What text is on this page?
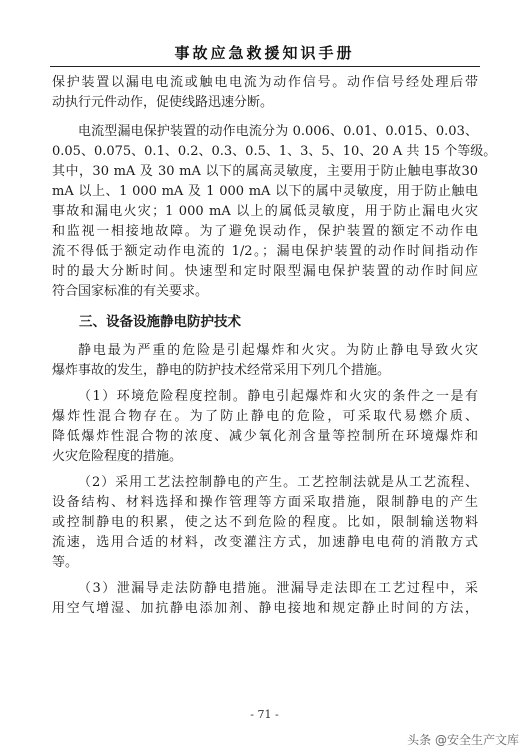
事故应急救援知识手册

保护装置以漏电电流或触电电流为动作信号。动作信号经处理后带
动执行元件动作，促使线路迅速分断。

电流型漏电保护装置的动作电流分为 0.006、0.01、0.015、0.03、
0.05、0.075、0.1、0.2、0.3、0.5、1、3、5、10、20 A 共 15 个等级。
其中，30 mA 及 30 mA 以下的属高灵敏度，主要用于防止触电事故30
mA 以上、1 000 mA 及 1 000 mA 以下的属中灵敏度，用于防止触电
事故和漏电火灾；1 000 mA 以上的属低灵敏度，用于防止漏电火灾
和监视一相接地故障。为了避免误动作，保护装置的额定不动作电
流不得低于额定动作电流的 1/2。；漏电保护装置的动作时间指动作
时的最大分断时间。快速型和定时限型漏电保护装置的动作时间应
符合国家标准的有关要求。

三、设备设施静电防护技术

静电最为严重的危险是引起爆炸和火灾。为防止静电导致火灾
爆炸事故的发生，静电的防护技术经常采用下列几个措施。

（1）环境危险程度控制。静电引起爆炸和火灾的条件之一是有
爆炸性混合物存在。为了防止静电的危险，可采取代易燃介质、
降低爆炸性混合物的浓度、减少氧化剂含量等控制所在环境爆炸和
火灾危险程度的措施。

（2）采用工艺法控制静电的产生。工艺控制法就是从工艺流程、
设备结构、材料选择和操作管理等方面采取措施，限制静电的产生
或控制静电的积累，使之达不到危险的程度。比如，限制输送物料
流速，选用合适的材料，改变灌注方式，加速静电电荷的消散方式
等。

（3）泄漏导走法防静电措施。泄漏导走法即在工艺过程中，采
用空气增湿、加抗静电添加剂、静电接地和规定静止时间的方法，

- 71 -
头条 @安全生产文库
